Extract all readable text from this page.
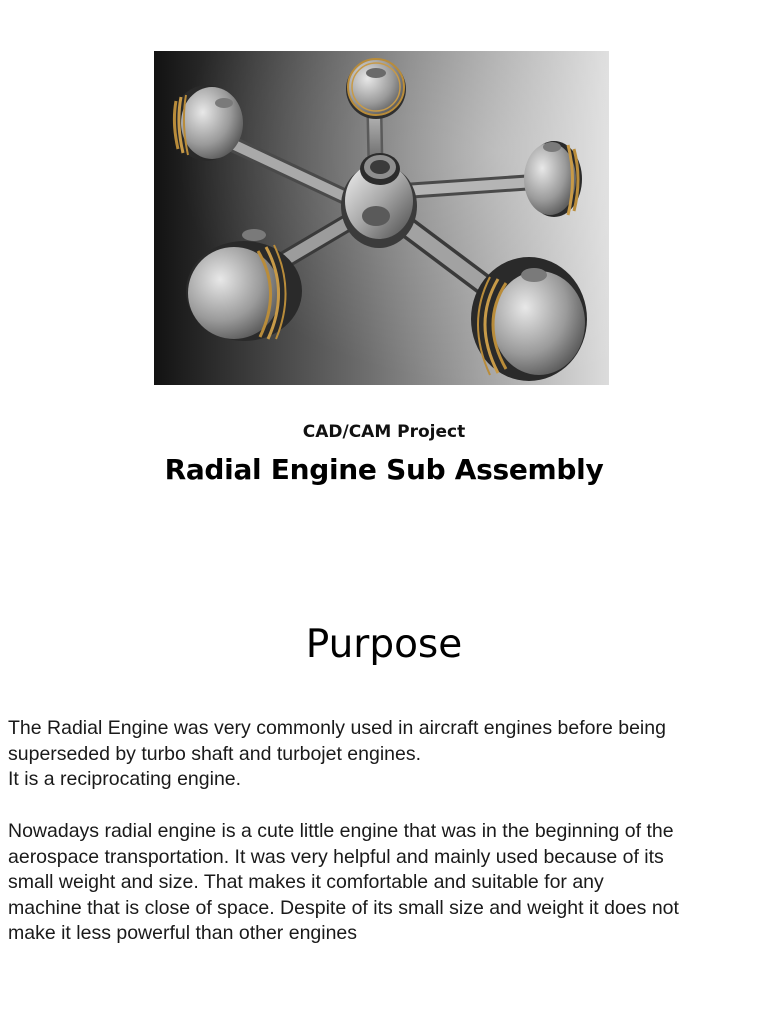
CAD/CAM Project
Radial Engine Sub Assembly
Purpose

The Radial Engine was very commonly used in aircraft engines before being
superseded by turbo shaft and turbojet engines.
It is a reciprocating engine.

Nowadays radial engine is a cute little engine that was in the beginning of the
aerospace transportation. It was very helpful and mainly used because of its
small weight and size. That makes it comfortable and suitable for any
machine that is close of space. Despite of its small size and weight it does not
make it less powerful than other engines
